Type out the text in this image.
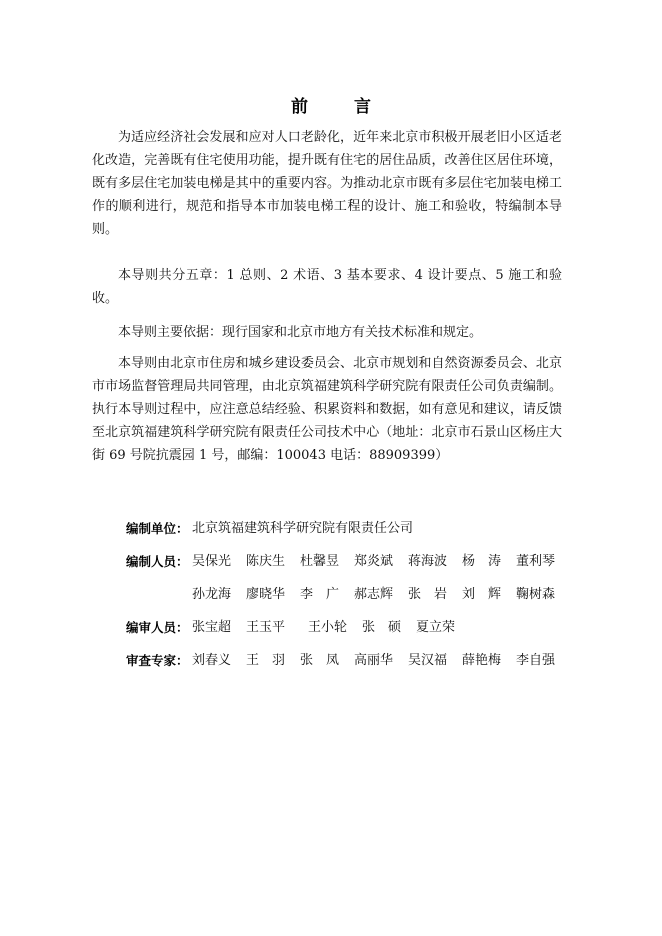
前 言

为适应经济社会发展和应对人口老龄化，近年来北京市积极开展老旧小区适老化改造，完善既有住宅使用功能，提升既有住宅的居住品质，改善住区居住环境，既有多层住宅加装电梯是其中的重要内容。为推动北京市既有多层住宅加装电梯工作的顺利进行，规范和指导本市加装电梯工程的设计、施工和验收，特编制本导则。

本导则共分五章：1 总则、2 术语、3 基本要求、4 设计要点、5 施工和验收。

本导则主要依据：现行国家和北京市地方有关技术标准和规定。

本导则由北京市住房和城乡建设委员会、北京市规划和自然资源委员会、北京市市场监督管理局共同管理，由北京筑福建筑科学研究院有限责任公司负责编制。执行本导则过程中，应注意总结经验、积累资料和数据，如有意见和建议，请反馈至北京筑福建筑科学研究院有限责任公司技术中心（地址：北京市石景山区杨庄大街 69 号院抗震园 1 号，邮编：100043 电话：88909399）

编制单位： 北京筑福建筑科学研究院有限责任公司
编制人员： 吴保光	陈庆生	杜馨昱	郑炎斌	蒋海波	杨　涛	董利琴
孙龙海	廖晓华	李　广	郝志辉	张　岩	刘　辉	鞠树森
编审人员： 张宝超	王玉平	王小轮	张　硕	夏立荣
审查专家： 刘春义	王　羽	张　凤	高丽华	吴汉福	薛艳梅	李自强
